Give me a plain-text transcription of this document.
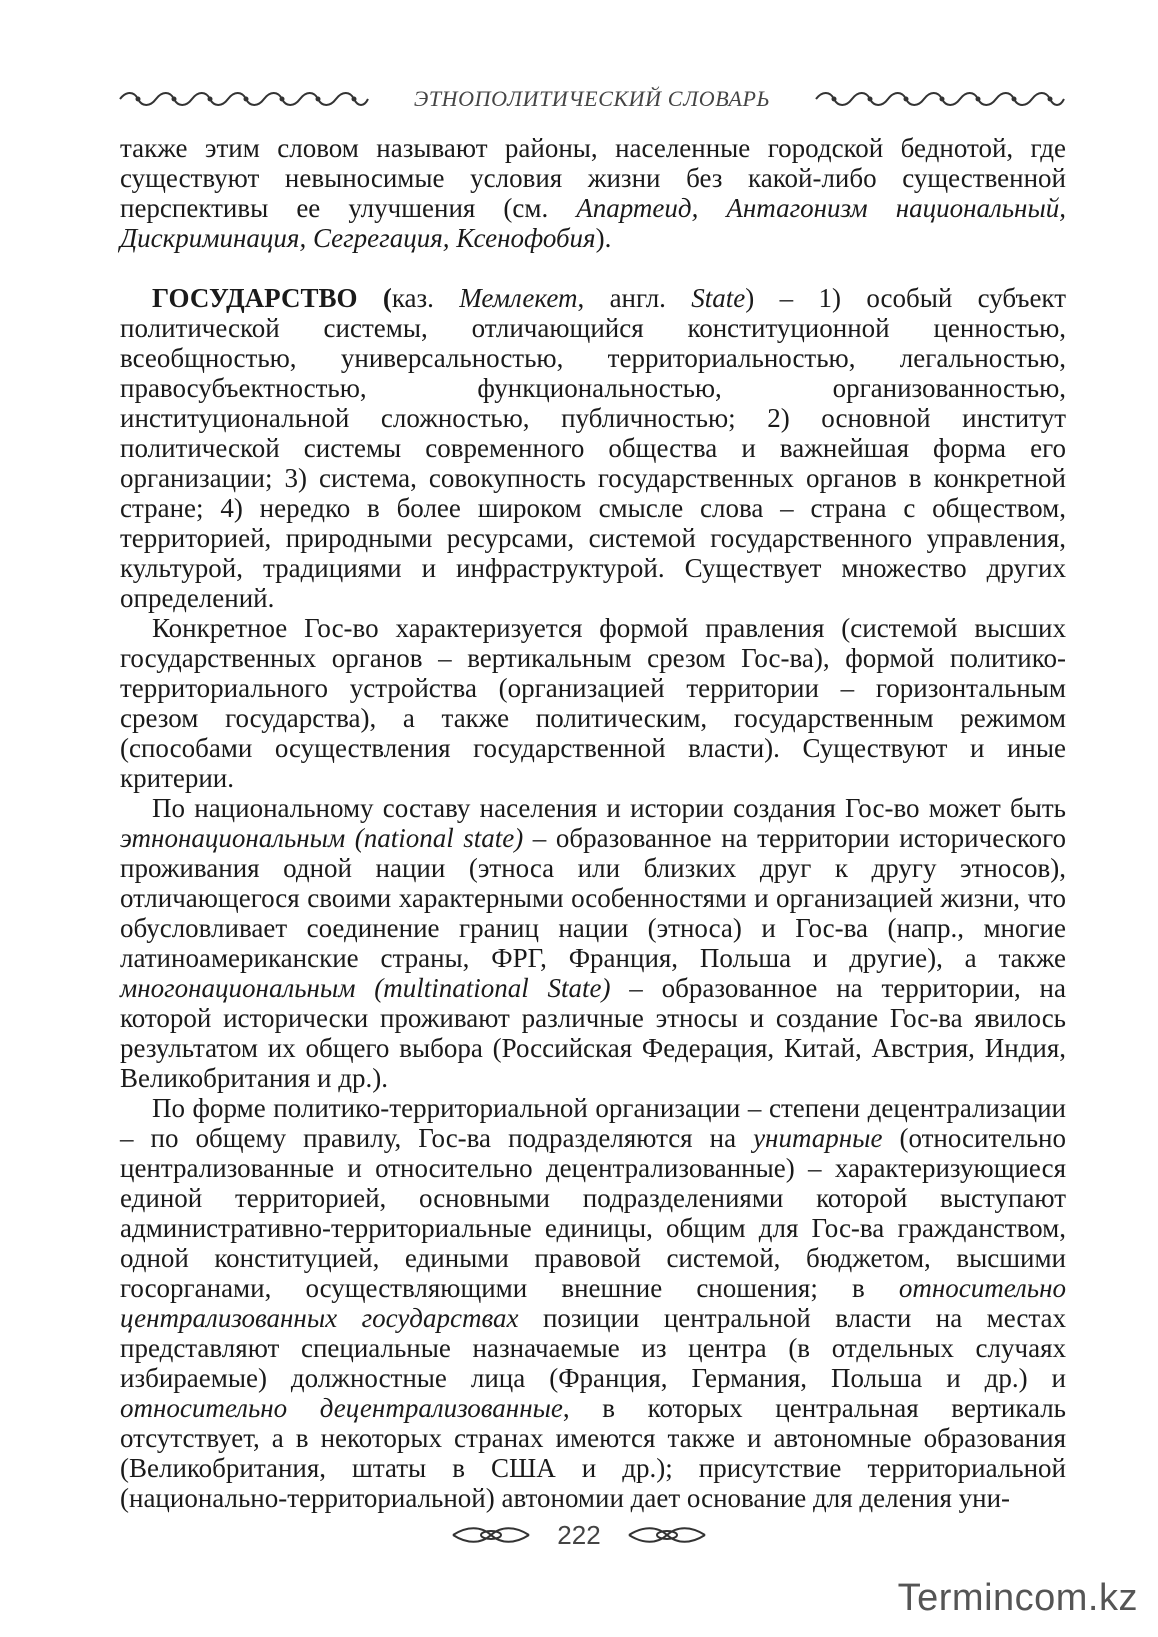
ЭТНОПОЛИТИЧЕСКИЙ СЛОВАРЬ

также этим словом называют районы, населенные городской беднотой, где существуют невыносимые условия жизни без какой-либо существенной перспективы ее улучшения (см. Апартеид, Антагонизм национальный, Дискриминация, Сегрегация, Ксенофобия).

ГОСУДАРСТВО (каз. Мемлекет, англ. State) – 1) особый субъект политической системы, отличающийся конституционной ценностью, всеобщностью, универсальностью, территориальностью, легальностью, правосубъектностью, функциональностью, организованностью, институциональной сложностью, публичностью; 2) основной институт политической системы современного общества и важнейшая форма его организации; 3) система, совокупность государственных органов в конкретной стране; 4) нередко в более широком смысле слова – страна с обществом, территорией, природными ресурсами, системой государственного управления, культурой, традициями и инфраструктурой. Существует множество других определений.

Конкретное Гос-во характеризуется формой правления (системой высших государственных органов – вертикальным срезом Гос-ва), формой политико-территориального устройства (организацией территории – горизонтальным срезом государства), а также политическим, государственным режимом (способами осуществления государственной власти). Существуют и иные критерии.

По национальному составу населения и истории создания Гос-во может быть этнонациональным (national state) – образованное на территории исторического проживания одной нации (этноса или близких друг к другу этносов), отличающегося своими характерными особенностями и организацией жизни, что обусловливает соединение границ нации (этноса) и Гос-ва (напр., многие латиноамериканские страны, ФРГ, Франция, Польша и другие), а также многонациональным (multinational State) – образованное на территории, на которой исторически проживают различные этносы и создание Гос-ва явилось результатом их общего выбора (Российская Федерация, Китай, Австрия, Индия, Великобритания и др.).

По форме политико-территориальной организации – степени децентрализации – по общему правилу, Гос-ва подразделяются на унитарные (относительно централизованные и относительно децентрализованные) – характеризующиеся единой территорией, основными подразделениями которой выступают административно-территориальные единицы, общим для Гос-ва гражданством, одной конституцией, едиными правовой системой, бюджетом, высшими госорганами, осуществляющими внешние сношения; в относительно централизованных государствах позиции центральной власти на местах представляют специальные назначаемые из центра (в отдельных случаях избираемые) должностные лица (Франция, Германия, Польша и др.) и относительно децентрализованные, в которых центральная вертикаль отсутствует, а в некоторых странах имеются также и автономные образования (Великобритания, штаты в США и др.); присутствие территориальной (национально-территориальной) автономии дает основание для деления уни-

222
Termincom.kz
